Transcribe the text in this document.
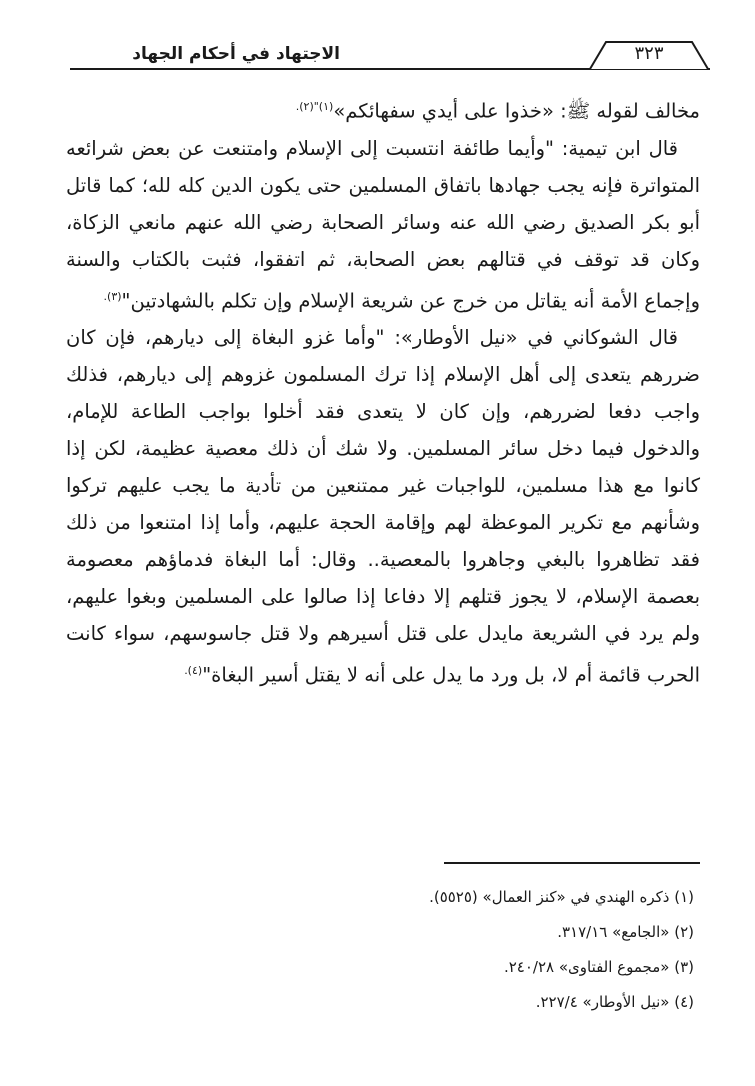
الاجتهاد في أحكام الجهاد	٣٢٣

مخالف لقوله ﷺ: «خذوا على أيدي سفهائكم»$^{(١)"(٢).}$

قال ابن تيمية: "وأيما طائفة انتسبت إلى الإسلام وامتنعت عن بعض شرائعه المتواترة فإنه يجب جهادها باتفاق المسلمين حتى يكون الدين كله لله؛ كما قاتل أبو بكر الصديق رضي الله عنه وسائر الصحابة رضي الله عنهم مانعي الزكاة، وكان قد توقف في قتالهم بعض الصحابة، ثم اتفقوا، فثبت بالكتاب والسنة وإجماع الأمة أنه يقاتل من خرج عن شريعة الإسلام وإن تكلم بالشهادتين"$^{(٣).}$

قال الشوكاني في «نيل الأوطار»: "وأما غزو البغاة إلى ديارهم، فإن كان ضررهم يتعدى إلى أهل الإسلام إذا ترك المسلمون غزوهم إلى ديارهم، فذلك واجب دفعا لضررهم، وإن كان لا يتعدى فقد أخلوا بواجب الطاعة للإمام، والدخول فيما دخل سائر المسلمين. ولا شك أن ذلك معصية عظيمة، لكن إذا كانوا مع هذا مسلمين، للواجبات غير ممتنعين من تأدية ما يجب عليهم تركوا وشأنهم مع تكرير الموعظة لهم وإقامة الحجة عليهم، وأما إذا امتنعوا من ذلك فقد تظاهروا بالبغي وجاهروا بالمعصية.. وقال: أما البغاة فدماؤهم معصومة بعصمة الإسلام، لا يجوز قتلهم إلا دفاعا إذا صالوا على المسلمين وبغوا عليهم، ولم يرد في الشريعة مايدل على قتل أسيرهم ولا قتل جاسوسهم، سواء كانت الحرب قائمة أم لا، بل ورد ما يدل على أنه لا يقتل أسير البغاة"$^{(٤).}$

(١) ذكره الهندي في «كنز العمال» (٥٥٢٥).

(٢) «الجامع» ٣١٧/١٦.

(٣) «مجموع الفتاوى» ٢٤٠/٢٨.

(٤) «نيل الأوطار» ٢٢٧/٤.
